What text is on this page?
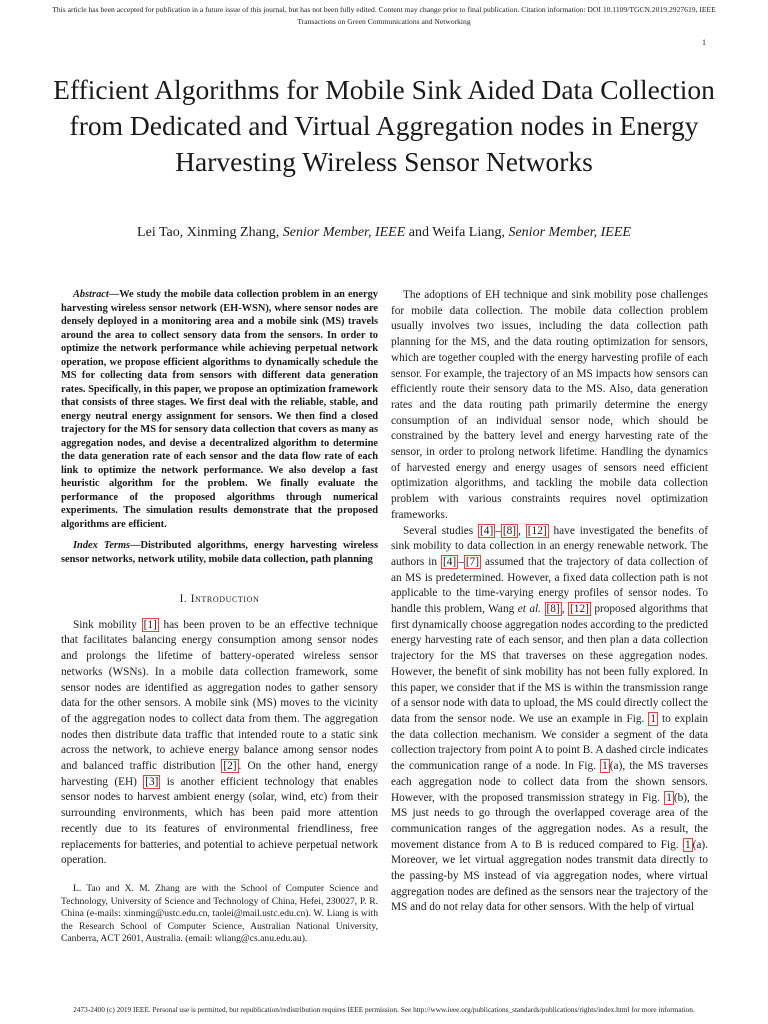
This article has been accepted for publication in a future issue of this journal, but has not been fully edited. Content may change prior to final publication. Citation information: DOI 10.1109/TGCN.2019.2927619, IEEE
Transactions on Green Communications and Networking
1
Efficient Algorithms for Mobile Sink Aided Data Collection from Dedicated and Virtual Aggregation nodes in Energy Harvesting Wireless Sensor Networks
Lei Tao, Xinming Zhang, Senior Member, IEEE and Weifa Liang, Senior Member, IEEE

Abstract—We study the mobile data collection problem in an energy harvesting wireless sensor network (EH-WSN), where sensor nodes are densely deployed in a monitoring area and a mobile sink (MS) travels around the area to collect sensory data from the sensors. In order to optimize the network performance while achieving perpetual network operation, we propose efficient algorithms to dynamically schedule the MS for collecting data from sensors with different data generation rates. Specifically, in this paper, we propose an optimization framework that consists of three stages. We first deal with the reliable, stable, and energy neutral energy assignment for sensors. We then find a closed trajectory for the MS for sensory data collection that covers as many as aggregation nodes, and devise a decentralized algorithm to determine the data generation rate of each sensor and the data flow rate of each link to optimize the network performance. We also develop a fast heuristic algorithm for the problem. We finally evaluate the performance of the proposed algorithms through numerical experiments. The simulation results demonstrate that the proposed algorithms are efficient.

Index Terms—Distributed algorithms, energy harvesting wireless sensor networks, network utility, mobile data collection, path planning

I. Introduction

Sink mobility [1] has been proven to be an effective technique that facilitates balancing energy consumption among sensor nodes and prolongs the lifetime of battery-operated wireless sensor networks (WSNs). In a mobile data collection framework, some sensor nodes are identified as aggregation nodes to gather sensory data for the other sensors. A mobile sink (MS) moves to the vicinity of the aggregation nodes to collect data from them. The aggregation nodes then distribute data traffic that intended route to a static sink across the network, to achieve energy balance among sensor nodes and balanced traffic distribution [2] . On the other hand, energy harvesting (EH) [3] is another efficient technology that enables sensor nodes to harvest ambient energy (solar, wind, etc) from their surrounding environments, which has been paid more attention recently due to its features of environmental friendliness, free replacements for batteries, and potential to achieve perpetual network operation.

L. Tao and X. M. Zhang are with the School of Computer Science and Technology, University of Science and Technology of China, Hefei, 230027, P. R. China (e-mails: xinming@ustc.edu.cn, taolei@mail.ustc.edu.cn). W. Liang is with the Research School of Computer Science, Australian National University, Canberra, ACT 2601, Australia. (email: wliang@cs.anu.edu.au).

The adoptions of EH technique and sink mobility pose challenges for mobile data collection. The mobile data collection problem usually involves two issues, including the data collection path planning for the MS, and the data routing optimization for sensors, which are together coupled with the energy harvesting profile of each sensor. For example, the trajectory of an MS impacts how sensors can efficiently route their sensory data to the MS. Also, data generation rates and the data routing path primarily determine the energy consumption of an individual sensor node, which should be constrained by the battery level and energy harvesting rate of the sensor, in order to prolong network lifetime. Handling the dynamics of harvested energy and energy usages of sensors need efficient optimization algorithms, and tackling the mobile data collection problem with various constraints requires novel optimization frameworks.

Several studies [4] – [8] , [12] have investigated the benefits of sink mobility to data collection in an energy renewable network. The authors in [4] – [7] assumed that the trajectory of data collection of an MS is predetermined. However, a fixed data collection path is not applicable to the time-varying energy profiles of sensor nodes. To handle this problem, Wang et al. [8] , [12] proposed algorithms that first dynamically choose aggregation nodes according to the predicted energy harvesting rate of each sensor, and then plan a data collection trajectory for the MS that traverses on these aggregation nodes. However, the benefit of sink mobility has not been fully explored. In this paper, we consider that if the MS is within the transmission range of a sensor node with data to upload, the MS could directly collect the data from the sensor node. We use an example in Fig. 1 to explain the data collection mechanism. We consider a segment of the data collection trajectory from point A to point B. A dashed circle indicates the communication range of a node. In Fig. 1 (a), the MS traverses each aggregation node to collect data from the shown sensors. However, with the proposed transmission strategy in Fig. 1 (b), the MS just needs to go through the overlapped coverage area of the communication ranges of the aggregation nodes. As a result, the movement distance from A to B is reduced compared to Fig. 1 (a). Moreover, we let virtual aggregation nodes transmit data directly to the passing-by MS instead of via aggregation nodes, where virtual aggregation nodes are defined as the sensors near the trajectory of the MS and do not relay data for other sensors. With the help of virtual

2473-2400 (c) 2019 IEEE. Personal use is permitted, but republication/redistribution requires IEEE permission. See http://www.ieee.org/publications_standards/publications/rights/index.html for more information.
